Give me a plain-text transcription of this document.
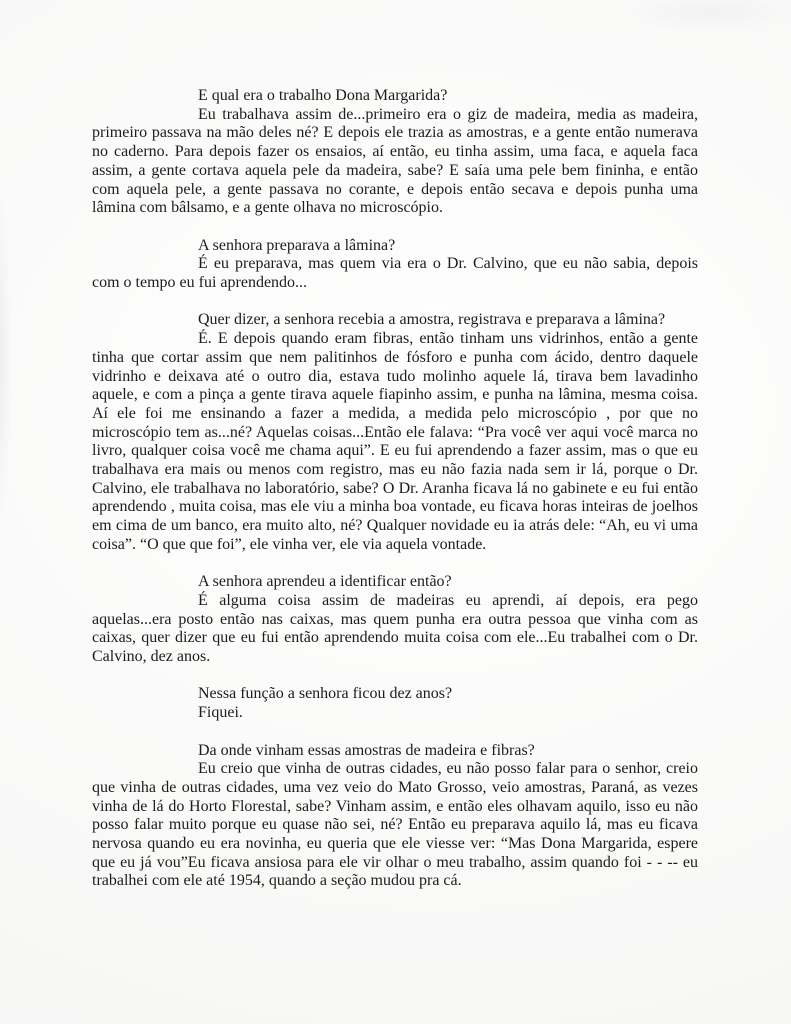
E qual era o trabalho Dona Margarida?

Eu trabalhava assim de...primeiro era o giz de madeira, media as madeira, primeiro passava na mão deles né? E depois ele trazia as amostras, e a gente então numerava no caderno. Para depois fazer os ensaios, aí então, eu tinha assim, uma faca, e aquela faca assim, a gente cortava aquela pele da madeira, sabe? E saía uma pele bem fininha, e então com aquela pele, a gente passava no corante, e depois então secava e depois punha uma lâmina com bâlsamo, e a gente olhava no microscópio.

A senhora preparava a lâmina?

É eu preparava, mas quem via era o Dr. Calvino, que eu não sabia, depois com o tempo eu fui aprendendo...

Quer dizer, a senhora recebia a amostra, registrava e preparava a lâmina?

É. E depois quando eram fibras, então tinham uns vidrinhos, então a gente tinha que cortar assim que nem palitinhos de fósforo e punha com ácido, dentro daquele vidrinho e deixava até o outro dia, estava tudo molinho aquele lá, tirava bem lavadinho aquele, e com a pinça a gente tirava aquele fiapinho assim, e punha na lâmina, mesma coisa. Aí ele foi me ensinando a fazer a medida, a medida pelo microscópio , por que no microscópio tem as...né? Aquelas coisas...Então ele falava: “Pra você ver aqui você marca no livro, qualquer coisa você me chama aqui”. E eu fui aprendendo a fazer assim, mas o que eu trabalhava era mais ou menos com registro, mas eu não fazia nada sem ir lá, porque o Dr. Calvino, ele trabalhava no laboratório, sabe? O Dr. Aranha ficava lá no gabinete e eu fui então aprendendo , muita coisa, mas ele viu a minha boa vontade, eu ficava horas inteiras de joelhos em cima de um banco, era muito alto, né? Qualquer novidade eu ia atrás dele: “Ah, eu vi uma coisa”. “O que que foi”, ele vinha ver, ele via aquela vontade.

A senhora aprendeu a identificar então?

É alguma coisa assim de madeiras eu aprendi, aí depois, era pego aquelas...era posto então nas caixas, mas quem punha era outra pessoa que vinha com as caixas, quer dizer que eu fui então aprendendo muita coisa com ele...Eu trabalhei com o Dr. Calvino, dez anos.

Nessa função a senhora ficou dez anos?

Fiquei.

Da onde vinham essas amostras de madeira e fibras?

Eu creio que vinha de outras cidades, eu não posso falar para o senhor, creio que vinha de outras cidades, uma vez veio do Mato Grosso, veio amostras, Paraná, as vezes vinha de lá do Horto Florestal, sabe? Vinham assim, e então eles olhavam aquilo, isso eu não posso falar muito porque eu quase não sei, né? Então eu preparava aquilo lá, mas eu ficava nervosa quando eu era novinha, eu queria que ele viesse ver: “Mas Dona Margarida, espere que eu já vou”Eu ficava ansiosa para ele vir olhar o meu trabalho, assim quando foi - - -- eu trabalhei com ele até 1954, quando a seção mudou pra cá.
